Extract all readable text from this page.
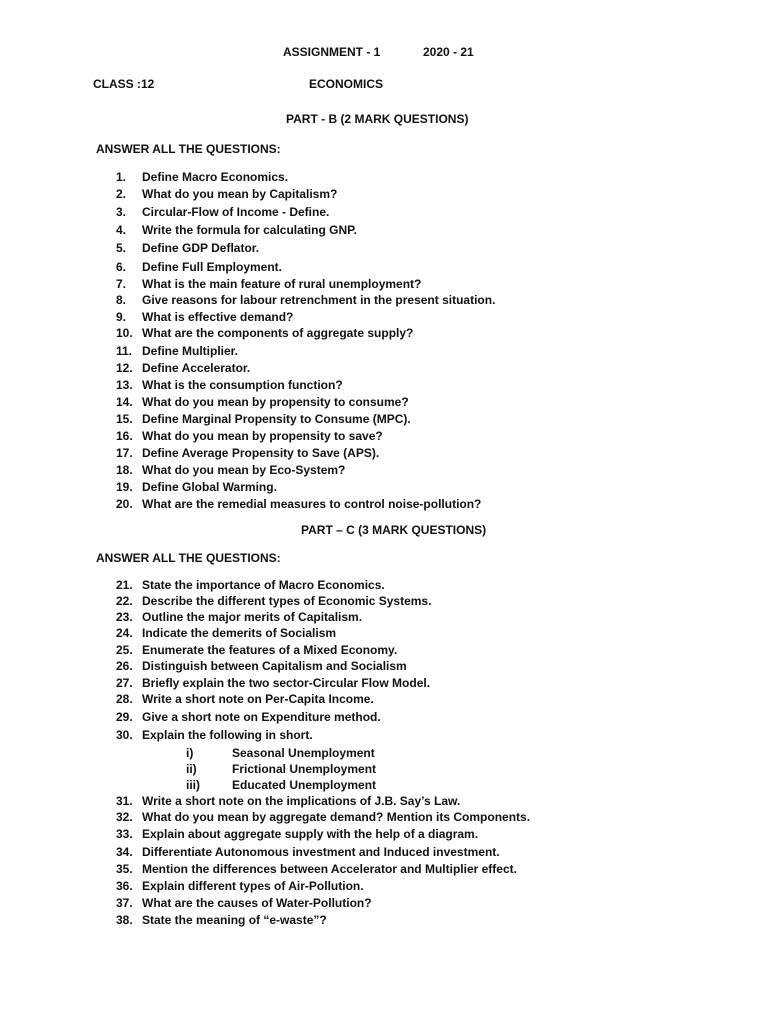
ASSIGNMENT - 1	2020 - 21
CLASS :12	ECONOMICS
PART - B (2 MARK QUESTIONS)
ANSWER ALL THE QUESTIONS:
1. Define Macro Economics.
2. What do you mean by Capitalism?
3. Circular-Flow of Income - Define.
4. Write the formula for calculating GNP.
5. Define GDP Deflator.
6. Define Full Employment.
7. What is the main feature of rural unemployment?
8. Give reasons for labour retrenchment in the present situation.
9. What is effective demand?
10. What are the components of aggregate supply?
11. Define Multiplier.
12. Define Accelerator.
13. What is the consumption function?
14. What do you mean by propensity to consume?
15. Define Marginal Propensity to Consume (MPC).
16. What do you mean by propensity to save?
17. Define Average Propensity to Save (APS).
18. What do you mean by Eco-System?
19. Define Global Warming.
20. What are the remedial measures to control noise-pollution?
PART – C (3 MARK QUESTIONS)
ANSWER ALL THE QUESTIONS:
21. State the importance of Macro Economics.
22. Describe the different types of Economic Systems.
23. Outline the major merits of Capitalism.
24. Indicate the demerits of Socialism
25. Enumerate the features of a Mixed Economy.
26. Distinguish between Capitalism and Socialism
27. Briefly explain the two sector-Circular Flow Model.
28. Write a short note on Per-Capita Income.
29. Give a short note on Expenditure method.
30. Explain the following in short.
i)	Seasonal Unemployment
ii)	Frictional Unemployment
iii)	Educated Unemployment
31. Write a short note on the implications of J.B. Say’s Law.
32. What do you mean by aggregate demand? Mention its Components.
33. Explain about aggregate supply with the help of a diagram.
34. Differentiate Autonomous investment and Induced investment.
35. Mention the differences between Accelerator and Multiplier effect.
36. Explain different types of Air-Pollution.
37. What are the causes of Water-Pollution?
38. State the meaning of “e-waste”?
